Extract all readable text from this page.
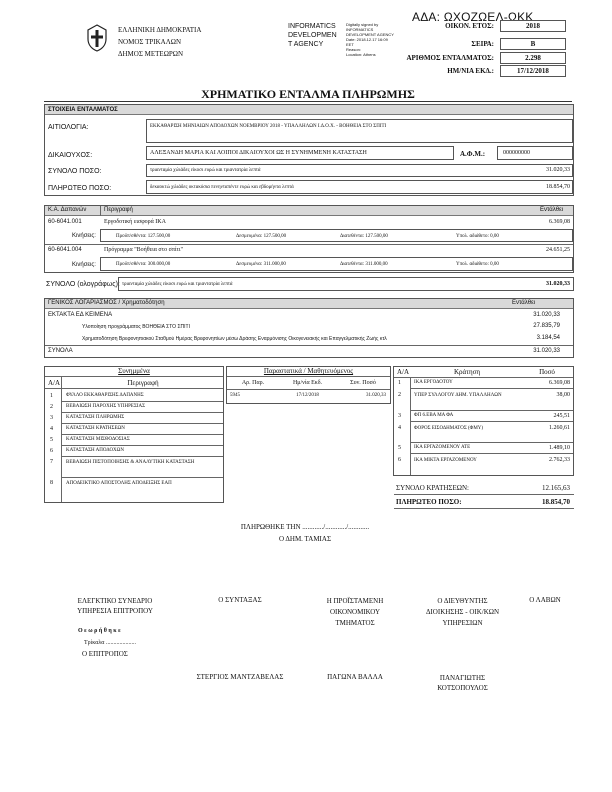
ΑΔΑ: ΩΧΟΖΩΕΛ-ΩΚΚ
ΕΛΛΗΝΙΚΗ ΔΗΜΟΚΡΑΤΙΑ
ΝΟΜΟΣ ΤΡΙΚΑΛΩΝ
ΔΗΜΟΣ ΜΕΤΕΩΡΩΝ
INFORMATICS
DEVELOPMEN
T AGENCY
Digitally signed by
INFORMATICS
DEVELOPMENT AGENCY
Date: 2018.12.17 16:09
EET
Reason:
Location: Athens
ΟΙΚΟΝ. ΕΤΟΣ:	2018
ΣΕΙΡΑ:	Β
ΑΡΙΘΜΟΣ ΕΝΤΑΛΜΑΤΟΣ:	2.298
ΗΜ/ΝΙΑ ΕΚΔ.:	17/12/2018
ΧΡΗΜΑΤΙΚΟ ΕΝΤΑΛΜΑ ΠΛΗΡΩΜΗΣ
ΣΤΟΙΧΕΙΑ ΕΝΤΑΛΜΑΤΟΣ
ΑΙΤΙΟΛΟΓΙΑ:	ΕΚΚΑΘΑΡΙΣΗ ΜΗΝΙΑΙΩΝ ΑΠΟΔΟΧΩΝ ΝΟΕΜΒΡΙΟΥ 2018 - ΥΠΑΛΛΗΛΩΝ Ι.Δ.Ο.Χ. - ΒΟΗΘΕΙΑ ΣΤΟ ΣΠΙΤΙ
ΔΙΚΑΙΟΥΧΟΣ:	ΑΛΕΞΑΝΔΗ ΜΑΡΙΑ ΚΑΙ ΛΟΙΠΟΙ ΔΙΚΑΙΟΥΧΟΙ ΩΣ Η ΣΥΝΗΜΜΕΝΗ ΚΑΤΑΣΤΑΣΗ	Α.Φ.Μ.:	000000000
ΣΥΝΟΛΟ ΠΟΣΟ:	τριανταμία χιλιάδες είκοσι ευρώ και τριαντατρία λεπτά	31.020,33
ΠΛΗΡΩΤΕΟ ΠΟΣΟ:	δεκαοκτώ χιλιάδες οκτακόσια πενηνταπέντε ευρώ και εβδομήντα λεπτά	18.854,70
Κ.Α. Δαπανών	Περιγραφή	Εντάλθει
60-6041.001	Εργοδοτική εισφορά ΙΚΑ	6.369,08
Κινήσεις:	Προϋπ/σθέντα: 127.500,00	Δεσμευμένα: 127.500,00	Διατεθέντα: 127.500,00	Υπολ. αδιάθετο: 0,00
60-6041.004	Πρόγραμμα "Βοήθεια στο σπίτι"	24.651,25
Κινήσεις:	Προϋπ/σθέντα: 300.000,00	Δεσμευμένα: 311.000,00	Διατεθέντα: 311.000,00	Υπολ. αδιάθετο: 0,00
ΣΥΝΟΛΟ (ολογράφως): τριανταμία χιλιάδες είκοσι ευρώ και τριαντατρία λεπτά	31.020,33
ΓΕΝΙΚΟΣ ΛΟΓΑΡΙΑΣΜΟΣ / Χρηματοδότηση	Εντάλθει
ΕΚΤΑΚΤΑ ΕΔ ΚΕΙΜΕΝΑ	31.020,33
Υλοποίηση προγράμματος ΒΟΗΘΕΙΑ ΣΤΟ ΣΠΙΤΙ	27.835,79
Χρηματοδότηση Βρεφονηπιακού Σταθμού Ημέρας Βρεφονηπίων μέσω Δράσης Εναρμόνισης Οικογενειακής και Επαγγελματικής Ζωής κτλ	3.184,54
ΣΥΝΟΛΑ	31.020,33
Συνημμένα
Α/Α	Περιγραφή
1	ΦΥΛΛΟ ΕΚΚΑΘΑΡΙΣΗΣ ΔΑΠΑΝΗΣ
2	ΒΕΒΑΙΩΣΗ ΠΑΡΟΧΗΣ ΥΠΗΡΕΣΙΑΣ
3	ΚΑΤΑΣΤΑΣΗ ΠΛΗΡΩΜΗΣ
4	ΚΑΤΑΣΤΑΣΗ ΚΡΑΤΗΣΕΩΝ
5	ΚΑΤΑΣΤΑΣΗ ΜΙΣΘΟΔΟΣΙΑΣ
6	ΚΑΤΑΣΤΑΣΗ ΑΠΟΔΟΧΩΝ
7	ΒΕΒΑΙΩΣΗ ΠΙΣΤΟΠΟΙΗΣΗΣ & ΑΝΑΛΥΤΙΚΗ ΚΑΤΑΣΤΑΣΗ
8	ΑΠΟΔΕΙΚΤΙΚΟ ΑΠΟΣΤΟΛΗΣ ΑΠΟΔΕΙΞΗΣ ΕΑΠ
Παραστατικά / Μαθητευόμενος
Αρ. Παρ.	Ημ/νία Εκδ.	Συν. Ποσό
5945	17/12/2018	31.020,33
Α/Α	Κράτηση	Ποσό
1	ΙΚΑ ΕΡΓΟΔΟΤΟΥ	6.369,08
2	ΥΠΕΡ ΣΥΛΛΟΓΟΥ ΔΗΜ. ΥΠΑΛΛΗΛΩΝ	38,00
3	ΦΠ 6.ΕΒΑ ΜΑ ΦΑ	245,51
4	ΦΟΡΟΣ ΕΙΣΟΔΗΜΑΤΟΣ (ΦΜΥ)	1.260,61
5	ΙΚΑ ΕΡΓΑΖΟΜΕΝΟΥ ΑΤΕ	1.489,10
6	ΙΚΑ ΜΙΚΤΑ ΕΡΓΑΖΟΜΕΝΟΥ	2.762,33
ΣΥΝΟΛΟ ΚΡΑΤΗΣΕΩΝ:	12.165,63
ΠΛΗΡΩΤΕΟ ΠΟΣΟ:	18.854,70
ΠΛΗΡΩΘΗΚΕ ΤΗΝ ............/............/............
Ο ΔΗΜ. ΤΑΜΙΑΣ
ΕΛΕΓΚΤΙΚΟ ΣΥΝΕΔΡΙΟ
ΥΠΗΡΕΣΙΑ ΕΠΙΤΡΟΠΟΥ
Ο ε ω ρ ή θ η κ ε
Τρίκαλα ....................
Ο ΕΠΙΤΡΟΠΟΣ
Ο ΣΥΝΤΑΞΑΣ
ΣΤΕΡΓΙΟΣ ΜΑΝΤΖΑΒΕΛΑΣ
Η ΠΡΟΪΣΤΑΜΕΝΗ
ΟΙΚΟΝΟΜΙΚΟΥ
ΤΜΗΜΑΤΟΣ
ΠΑΓΩΝΑ ΒΑΛΛΑ
Ο ΔΙΕΥΘΥΝΤΗΣ
ΔΙΟΙΚΗΣΗΣ - ΟΙΚ/ΚΩΝ
ΥΠΗΡΕΣΙΩΝ
ΠΑΝΑΓΙΩΤΗΣ ΚΟΤΣΟΠΟΥΛΟΣ
Ο ΛΑΒΩΝ
